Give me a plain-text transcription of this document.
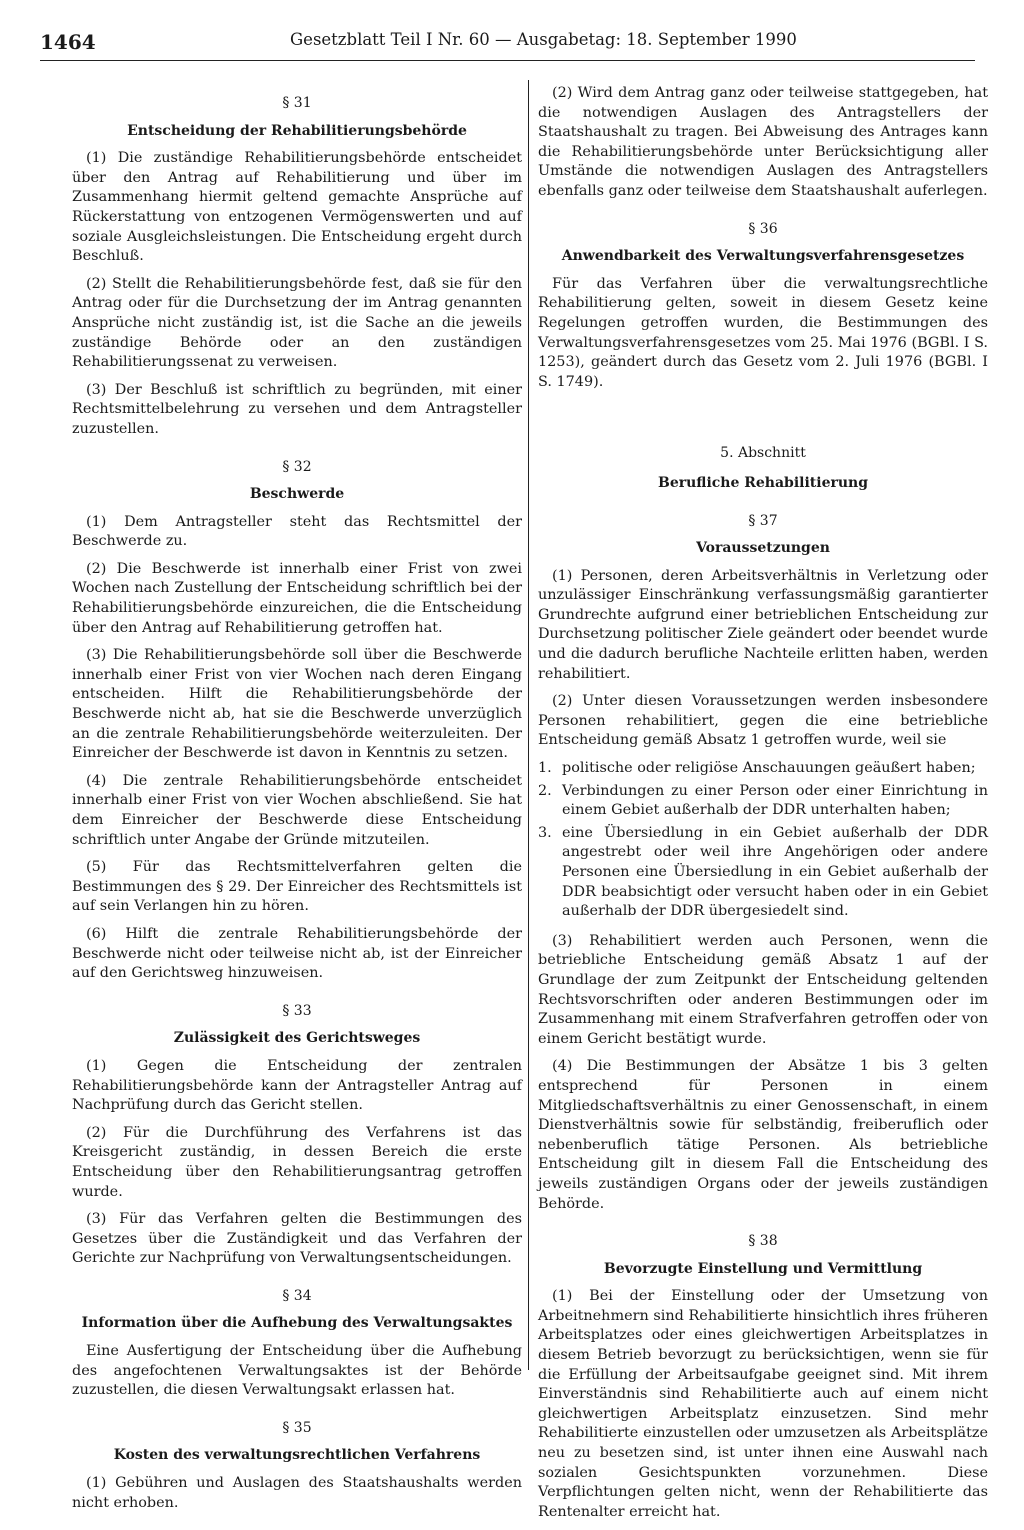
1464	Gesetzblatt Teil I Nr. 60 — Ausgabetag: 18. September 1990
§ 31
Entscheidung der Rehabilitierungsbehörde

(1) Die zuständige Rehabilitierungsbehörde entscheidet über den Antrag auf Rehabilitierung und über im Zusammenhang hiermit geltend gemachte Ansprüche auf Rückerstattung von entzogenen Vermögenswerten und auf soziale Ausgleichsleistungen. Die Entscheidung ergeht durch Beschluß.

(2) Stellt die Rehabilitierungsbehörde fest, daß sie für den Antrag oder für die Durchsetzung der im Antrag genannten Ansprüche nicht zuständig ist, ist die Sache an die jeweils zuständige Behörde oder an den zuständigen Rehabilitierungssenat zu verweisen.

(3) Der Beschluß ist schriftlich zu begründen, mit einer Rechtsmittelbelehrung zu versehen und dem Antragsteller zuzustellen.

§ 32
Beschwerde

(1) Dem Antragsteller steht das Rechtsmittel der Beschwerde zu.

(2) Die Beschwerde ist innerhalb einer Frist von zwei Wochen nach Zustellung der Entscheidung schriftlich bei der Rehabilitierungsbehörde einzureichen, die die Entscheidung über den Antrag auf Rehabilitierung getroffen hat.

(3) Die Rehabilitierungsbehörde soll über die Beschwerde innerhalb einer Frist von vier Wochen nach deren Eingang entscheiden. Hilft die Rehabilitierungsbehörde der Beschwerde nicht ab, hat sie die Beschwerde unverzüglich an die zentrale Rehabilitierungsbehörde weiterzuleiten. Der Einreicher der Beschwerde ist davon in Kenntnis zu setzen.

(4) Die zentrale Rehabilitierungsbehörde entscheidet innerhalb einer Frist von vier Wochen abschließend. Sie hat dem Einreicher der Beschwerde diese Entscheidung schriftlich unter Angabe der Gründe mitzuteilen.

(5) Für das Rechtsmittelverfahren gelten die Bestimmungen des § 29. Der Einreicher des Rechtsmittels ist auf sein Verlangen hin zu hören.

(6) Hilft die zentrale Rehabilitierungsbehörde der Beschwerde nicht oder teilweise nicht ab, ist der Einreicher auf den Gerichtsweg hinzuweisen.

§ 33
Zulässigkeit des Gerichtsweges

(1) Gegen die Entscheidung der zentralen Rehabilitierungsbehörde kann der Antragsteller Antrag auf Nachprüfung durch das Gericht stellen.

(2) Für die Durchführung des Verfahrens ist das Kreisgericht zuständig, in dessen Bereich die erste Entscheidung über den Rehabilitierungsantrag getroffen wurde.

(3) Für das Verfahren gelten die Bestimmungen des Gesetzes über die Zuständigkeit und das Verfahren der Gerichte zur Nachprüfung von Verwaltungsentscheidungen.

§ 34
Information über die Aufhebung des Verwaltungsaktes

Eine Ausfertigung der Entscheidung über die Aufhebung des angefochtenen Verwaltungsaktes ist der Behörde zuzustellen, die diesen Verwaltungsakt erlassen hat.

§ 35
Kosten des verwaltungsrechtlichen Verfahrens

(1) Gebühren und Auslagen des Staatshaushalts werden nicht erhoben.

(2) Wird dem Antrag ganz oder teilweise stattgegeben, hat die notwendigen Auslagen des Antragstellers der Staatshaushalt zu tragen. Bei Abweisung des Antrages kann die Rehabilitierungsbehörde unter Berücksichtigung aller Umstände die notwendigen Auslagen des Antragstellers ebenfalls ganz oder teilweise dem Staatshaushalt auferlegen.

§ 36
Anwendbarkeit des Verwaltungsverfahrensgesetzes

Für das Verfahren über die verwaltungsrechtliche Rehabilitierung gelten, soweit in diesem Gesetz keine Regelungen getroffen wurden, die Bestimmungen des Verwaltungsverfahrensgesetzes vom 25. Mai 1976 (BGBl. I S. 1253), geändert durch das Gesetz vom 2. Juli 1976 (BGBl. I S. 1749).

5. Abschnitt
Berufliche Rehabilitierung
§ 37
Voraussetzungen

(1) Personen, deren Arbeitsverhältnis in Verletzung oder unzulässiger Einschränkung verfassungsmäßig garantierter Grundrechte aufgrund einer betrieblichen Entscheidung zur Durchsetzung politischer Ziele geändert oder beendet wurde und die dadurch berufliche Nachteile erlitten haben, werden rehabilitiert.

(2) Unter diesen Voraussetzungen werden insbesondere Personen rehabilitiert, gegen die eine betriebliche Entscheidung gemäß Absatz 1 getroffen wurde, weil sie

1. politische oder religiöse Anschauungen geäußert haben;
2. Verbindungen zu einer Person oder einer Einrichtung in einem Gebiet außerhalb der DDR unterhalten haben;
3. eine Übersiedlung in ein Gebiet außerhalb der DDR angestrebt oder weil ihre Angehörigen oder andere Personen eine Übersiedlung in ein Gebiet außerhalb der DDR beabsichtigt oder versucht haben oder in ein Gebiet außerhalb der DDR übergesiedelt sind.

(3) Rehabilitiert werden auch Personen, wenn die betriebliche Entscheidung gemäß Absatz 1 auf der Grundlage der zum Zeitpunkt der Entscheidung geltenden Rechtsvorschriften oder anderen Bestimmungen oder im Zusammenhang mit einem Strafverfahren getroffen oder von einem Gericht bestätigt wurde.

(4) Die Bestimmungen der Absätze 1 bis 3 gelten entsprechend für Personen in einem Mitgliedschaftsverhältnis zu einer Genossenschaft, in einem Dienstverhältnis sowie für selbständig, freiberuflich oder nebenberuflich tätige Personen. Als betriebliche Entscheidung gilt in diesem Fall die Entscheidung des jeweils zuständigen Organs oder der jeweils zuständigen Behörde.

§ 38
Bevorzugte Einstellung und Vermittlung

(1) Bei der Einstellung oder der Umsetzung von Arbeitnehmern sind Rehabilitierte hinsichtlich ihres früheren Arbeitsplatzes oder eines gleichwertigen Arbeitsplatzes in diesem Betrieb bevorzugt zu berücksichtigen, wenn sie für die Erfüllung der Arbeitsaufgabe geeignet sind. Mit ihrem Einverständnis sind Rehabilitierte auch auf einem nicht gleichwertigen Arbeitsplatz einzusetzen. Sind mehr Rehabilitierte einzustellen oder umzusetzen als Arbeitsplätze neu zu besetzen sind, ist unter ihnen eine Auswahl nach sozialen Gesichtspunkten vorzunehmen. Diese Verpflichtungen gelten nicht, wenn der Rehabilitierte das Rentenalter erreicht hat.
